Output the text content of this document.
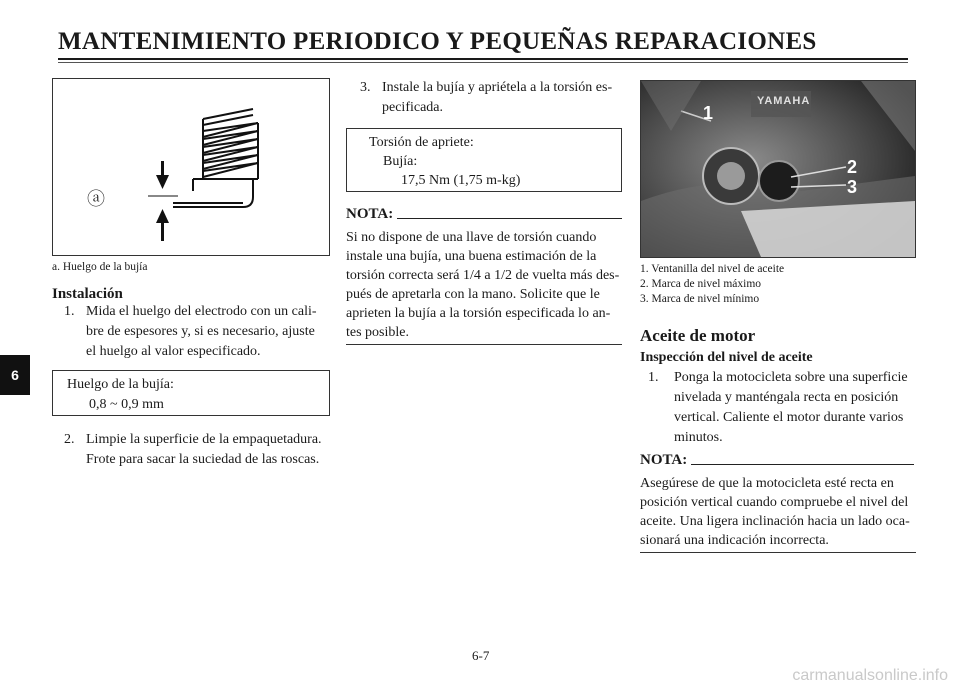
MANTENIMIENTO PERIODICO Y PEQUEÑAS REPARACIONES
6
ⓐ
a. Huelgo de la bujía
Instalación
1. Mida el huelgo del electrodo con un cali-
bre de espesores y, si es necesario, ajuste
el huelgo al valor especificado.
Huelgo de la bujía:
0,8 ~ 0,9 mm
2. Limpie la superficie de la empaquetadura.
Frote para sacar la suciedad de las roscas.
3. Instale la bujía y apriétela a la torsión es-
pecificada.
Torsión de apriete:
Bujía:
17,5 Nm (1,75 m-kg)
NOTA:
Si no dispone de una llave de torsión cuando
instale una bujía, una buena estimación de la
torsión correcta será 1/4 a 1/2 de vuelta más des-
pués de apretarla con la mano. Solicite que le
aprieten la bujía a la torsión especificada lo an-
tes posible.
1
2
3
YAMAHA
1. Ventanilla del nivel de aceite
2. Marca de nivel máximo
3. Marca de nivel mínimo
Aceite de motor
Inspección del nivel de aceite
1. Ponga la motocicleta sobre una superficie
nivelada y manténgala recta en posición
vertical. Caliente el motor durante varios
minutos.
NOTA:
Asegúrese de que la motocicleta esté recta en
posición vertical cuando compruebe el nivel del
aceite. Una ligera inclinación hacia un lado oca-
sionará una indicación incorrecta.
6-7
carmanualsonline.info
